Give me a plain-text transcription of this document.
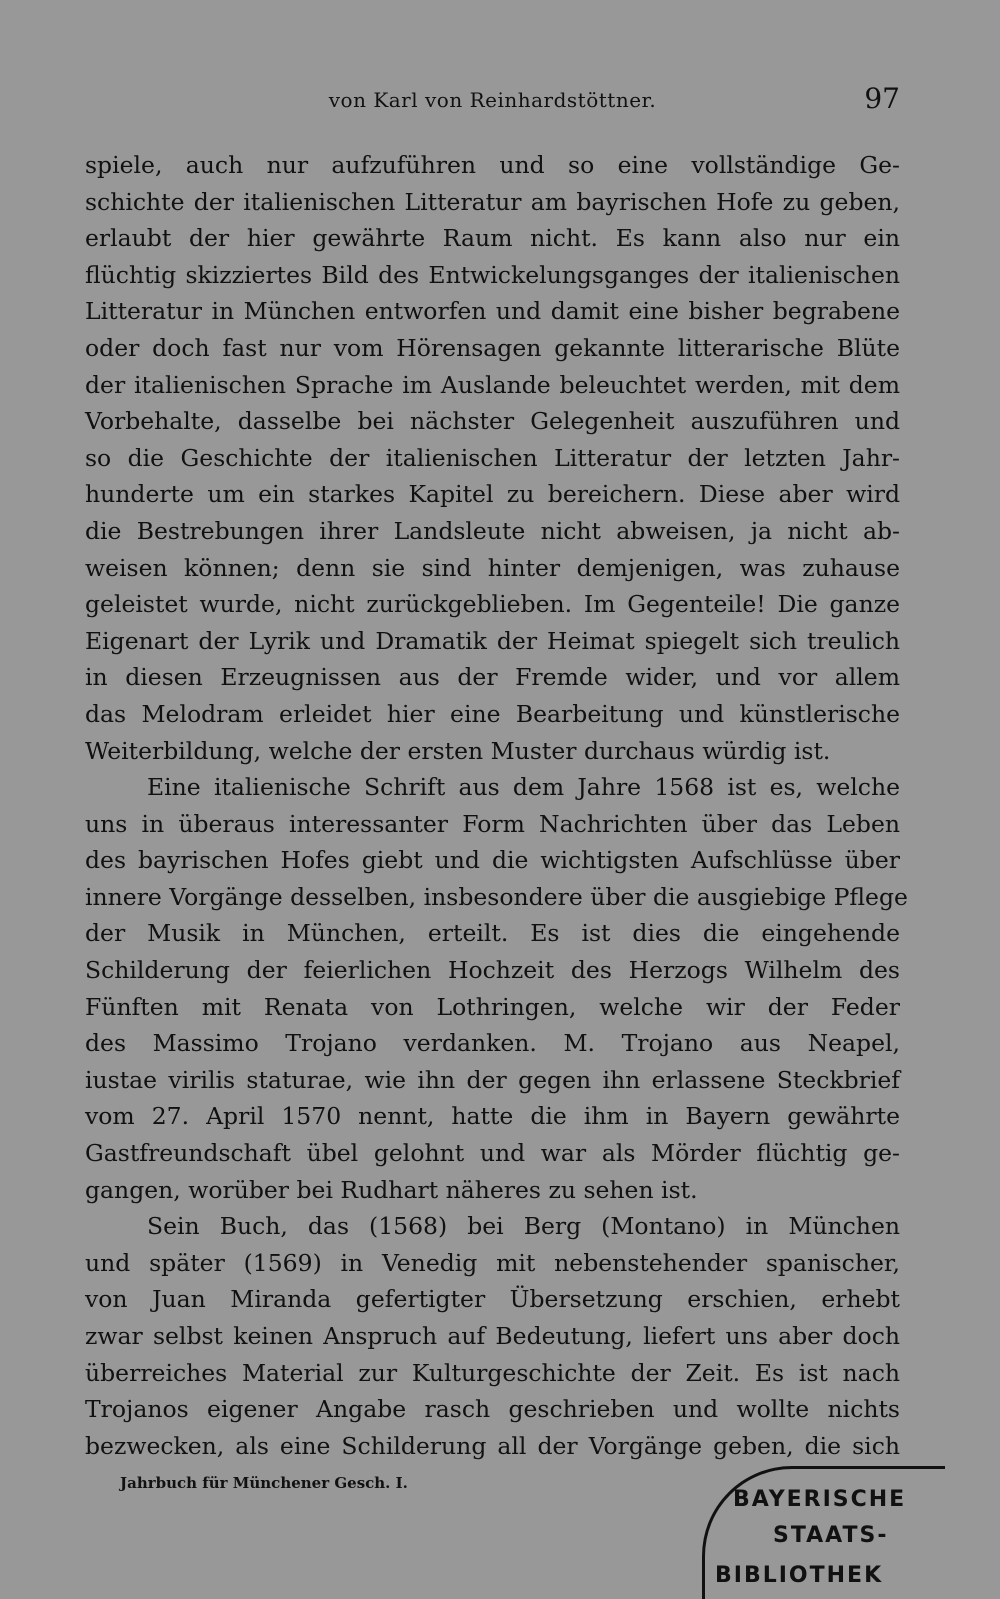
von Karl von Reinhardstöttner.	97
spiele, auch nur aufzuführen und so eine vollständige Ge-
schichte der italienischen Litteratur am bayrischen Hofe zu geben,
erlaubt der hier gewährte Raum nicht. Es kann also nur ein
flüchtig skizziertes Bild des Entwickelungsganges der italienischen
Litteratur in München entworfen und damit eine bisher begrabene
oder doch fast nur vom Hörensagen gekannte litterarische Blüte
der italienischen Sprache im Auslande beleuchtet werden, mit dem
Vorbehalte, dasselbe bei nächster Gelegenheit auszuführen und
so die Geschichte der italienischen Litteratur der letzten Jahr-
hunderte um ein starkes Kapitel zu bereichern. Diese aber wird
die Bestrebungen ihrer Landsleute nicht abweisen, ja nicht ab-
weisen können; denn sie sind hinter demjenigen, was zuhause
geleistet wurde, nicht zurückgeblieben. Im Gegenteile! Die ganze
Eigenart der Lyrik und Dramatik der Heimat spiegelt sich treulich
in diesen Erzeugnissen aus der Fremde wider, und vor allem
das Melodram erleidet hier eine Bearbeitung und künstlerische
Weiterbildung, welche der ersten Muster durchaus würdig ist.
Eine italienische Schrift aus dem Jahre 1568 ist es, welche
uns in überaus interessanter Form Nachrichten über das Leben
des bayrischen Hofes giebt und die wichtigsten Aufschlüsse über
innere Vorgänge desselben, insbesondere über die ausgiebige Pflege
der Musik in München, erteilt. Es ist dies die eingehende
Schilderung der feierlichen Hochzeit des Herzogs Wilhelm des
Fünften mit Renata von Lothringen, welche wir der Feder
des Massimo Trojano verdanken. M. Trojano aus Neapel,
iustae virilis staturae, wie ihn der gegen ihn erlassene Steckbrief
vom 27. April 1570 nennt, hatte die ihm in Bayern gewährte
Gastfreundschaft übel gelohnt und war als Mörder flüchtig ge-
gangen, worüber bei Rudhart näheres zu sehen ist.
Sein Buch, das (1568) bei Berg (Montano) in München
und später (1569) in Venedig mit nebenstehender spanischer,
von Juan Miranda gefertigter Übersetzung erschien, erhebt
zwar selbst keinen Anspruch auf Bedeutung, liefert uns aber doch
überreiches Material zur Kulturgeschichte der Zeit. Es ist nach
Trojanos eigener Angabe rasch geschrieben und wollte nichts
bezwecken, als eine Schilderung all der Vorgänge geben, die sich
Jahrbuch für Münchener Gesch. I.
BAYERISCHE
STAATS-
BIBLIOTHEK
